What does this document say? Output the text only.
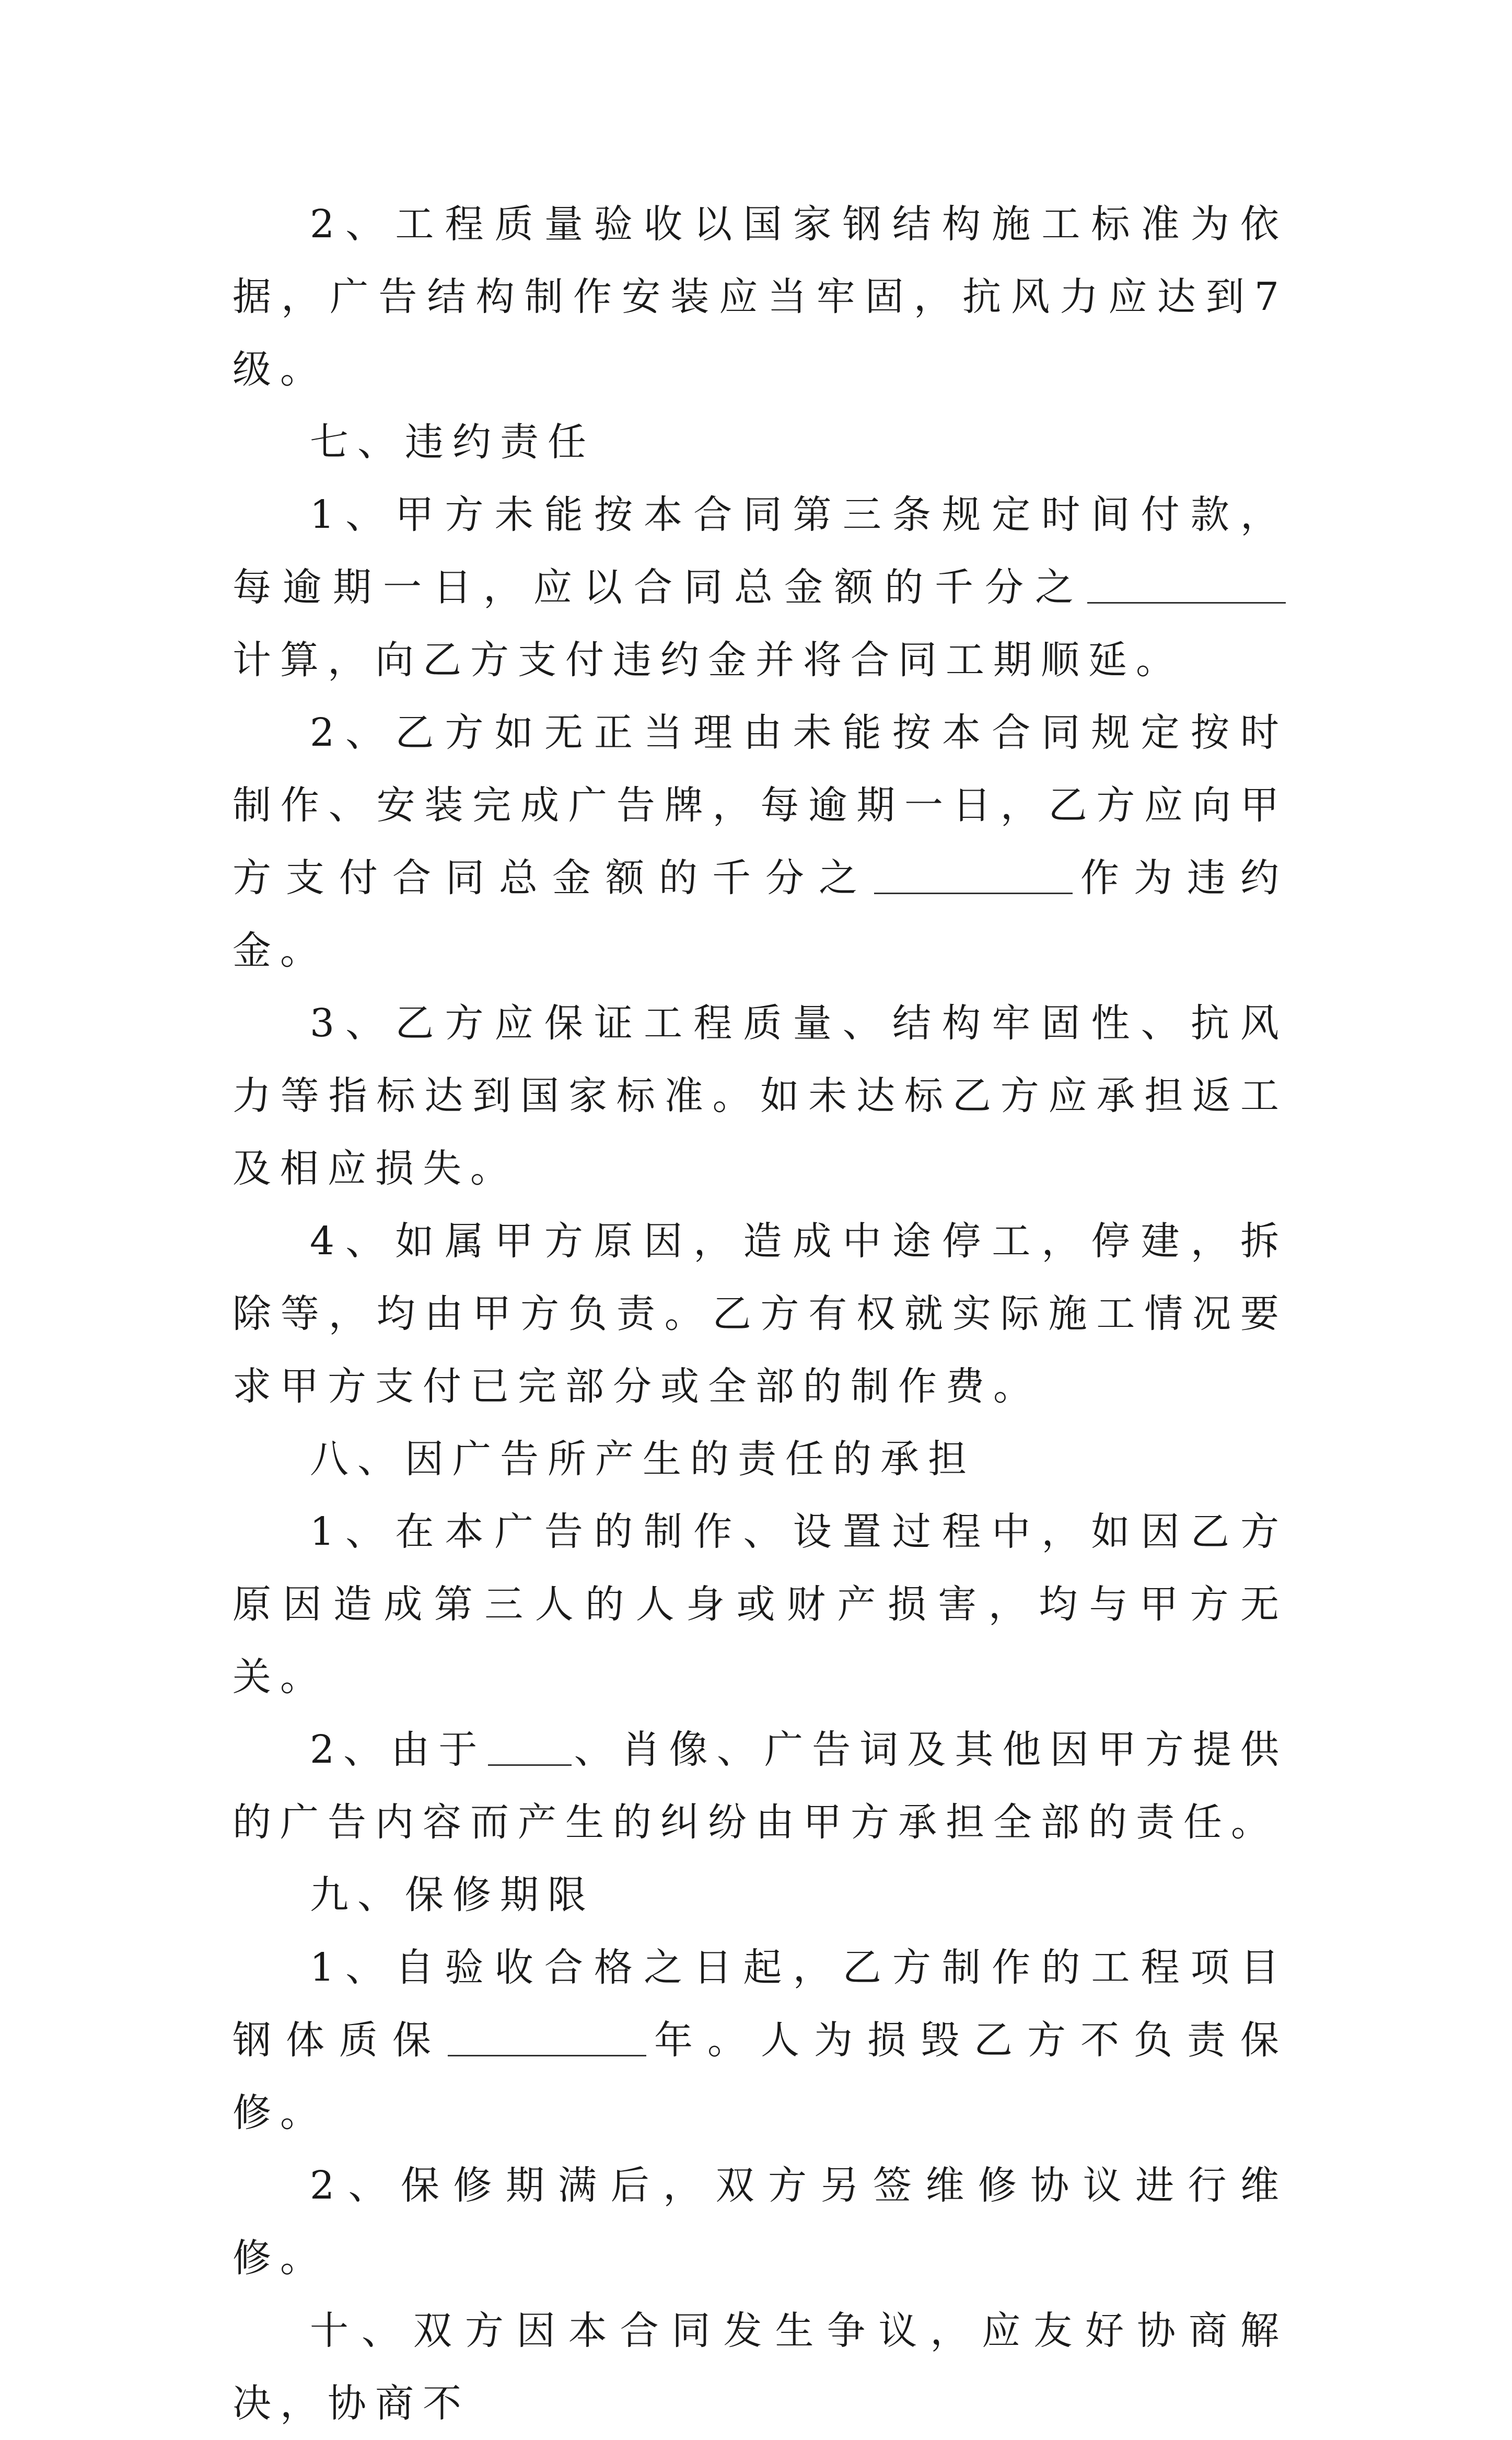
2、工程质量验收以国家钢结构施工标准为依据，广告结构制作安装应当牢固，抗风力应达到7级。

七、违约责任

1、甲方未能按本合同第三条规定时间付款，每逾期一日，应以合同总金额的千分之计算，向乙方支付违约金并将合同工期顺延。

2、乙方如无正当理由未能按本合同规定按时制作、安装完成广告牌，每逾期一日，乙方应向甲方支付合同总金额的千分之	作为违约金。

3、乙方应保证工程质量、结构牢固性、抗风力等指标达到国家标准。如未达标乙方应承担返工及相应损失。

4、如属甲方原因，造成中途停工，停建，拆除等，均由甲方负责。乙方有权就实际施工情况要求甲方支付已完部分或全部的制作费。

八、因广告所产生的责任的承担

1、在本广告的制作、设置过程中，如因乙方原因造成第三人的人身或财产损害，均与甲方无关。

2、由于 、肖像、广告词及其他因甲方提供的广告内容而产生的纠纷由甲方承担全部的责任。

九、保修期限

1、自验收合格之日起，乙方制作的工程项目钢体质保	年。人为损毁乙方不负责保修。

2、保修期满后，双方另签维修协议进行维修。

十、双方因本合同发生争议，应友好协商解决，协商不
